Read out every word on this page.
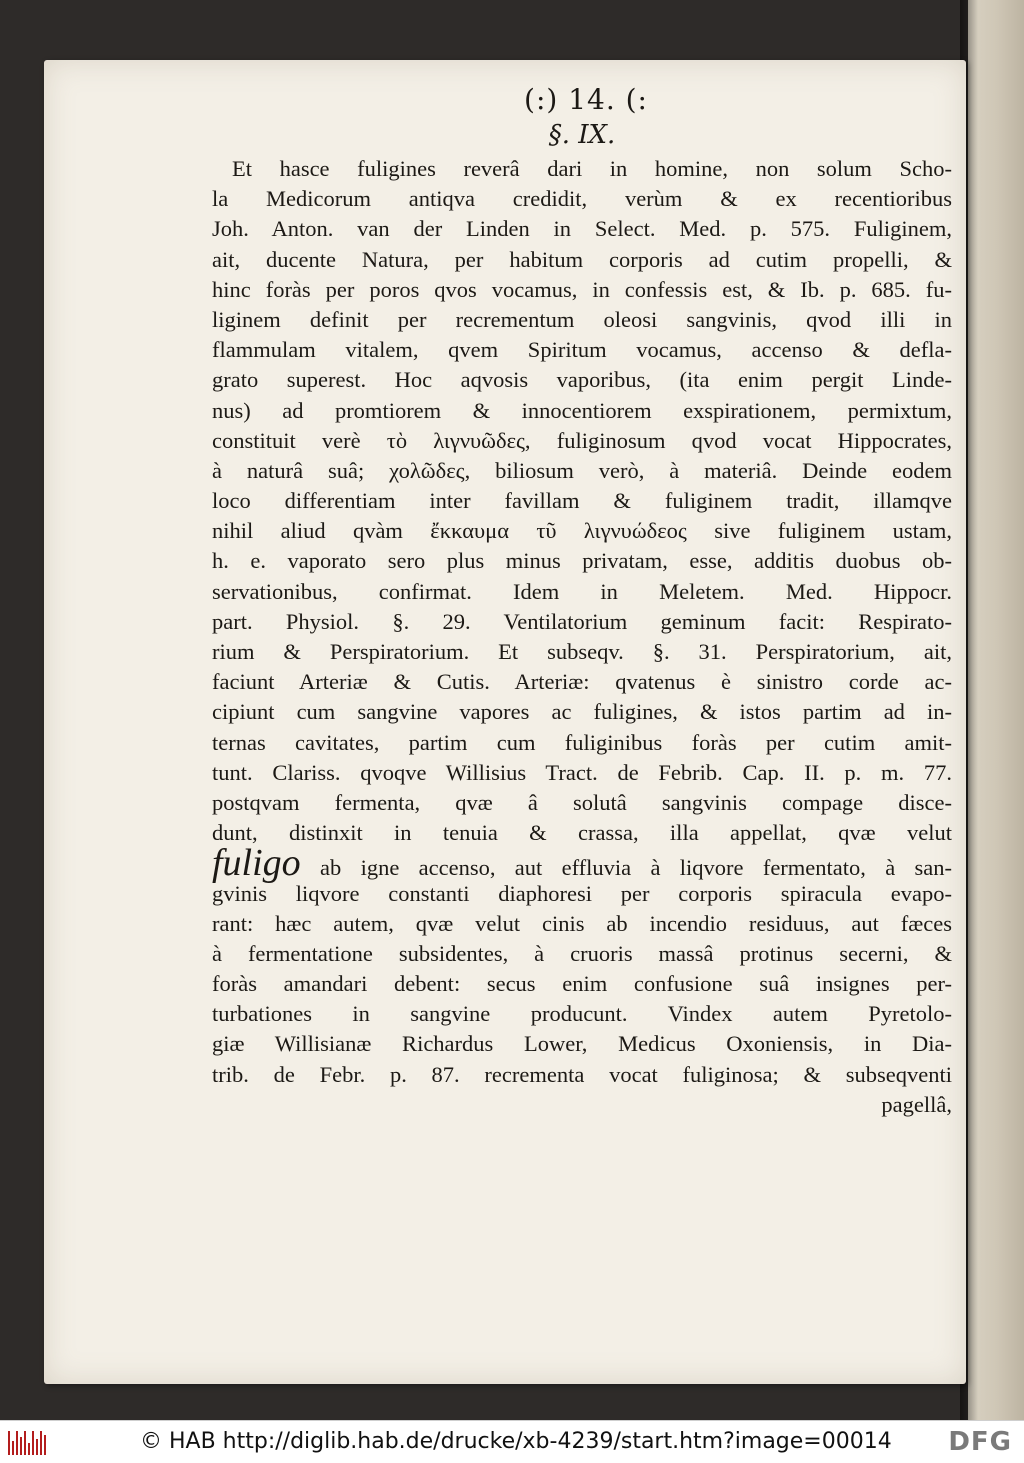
(:) 14. (:
§. IX.
Et hasce fuligines reverâ dari in homine, non solum Scho-
la Medicorum antiqva credidit, verùm & ex recentioribus
Joh. Anton. van der Linden in Select. Med. p. 575. Fuliginem,
ait, ducente Natura, per habitum corporis ad cutim propelli, &
hinc foràs per poros qvos vocamus, in confessis est, & Ib. p. 685. fu-
liginem definit per recrementum oleosi sangvinis, qvod illi in
flammulam vitalem, qvem Spiritum vocamus, accenso & defla-
grato superest. Hoc aqvosis vaporibus, (ita enim pergit Linde-
nus) ad promtiorem & innocentiorem exspirationem, permixtum,
constituit verè τὸ λιγνυῶδες, fuliginosum qvod vocat Hippocrates,
à naturâ suâ; χολῶδες, biliosum verò, à materiâ. Deinde eodem
loco differentiam inter favillam & fuliginem tradit, illamqve
nihil aliud qvàm ἔκκαυμα τῦ λιγνυώδεος sive fuliginem ustam,
h. e. vaporato sero plus minus privatam, esse, additis duobus ob-
servationibus, confirmat. Idem in Meletem. Med. Hippocr.
part. Physiol. §. 29. Ventilatorium geminum facit: Respirato-
rium & Perspiratorium. Et subseqv. §. 31. Perspiratorium, ait,
faciunt Arteriæ & Cutis. Arteriæ: qvatenus è sinistro corde ac-
cipiunt cum sangvine vapores ac fuligines, & istos partim ad in-
ternas cavitates, partim cum fuliginibus foràs per cutim amit-
tunt. Clariss. qvoqve Willisius Tract. de Febrib. Cap. II. p. m. 77.
postqvam fermenta, qvæ â solutâ sangvinis compage disce-
dunt, distinxit in tenuia & crassa, illa appellat, qvæ velut
fuligo ab igne accenso, aut effluvia à liqvore fermentato, à san-
gvinis liqvore constanti diaphoresi per corporis spiracula evapo-
rant: hæc autem, qvæ velut cinis ab incendio residuus, aut fæces
à fermentatione subsidentes, à cruoris massâ protinus secerni, &
foràs amandari debent: secus enim confusione suâ insignes per-
turbationes in sangvine producunt. Vindex autem Pyretolo-
giæ Willisianæ Richardus Lower, Medicus Oxoniensis, in Dia-
trib. de Febr. p. 87. recrementa vocat fuliginosa; & subseqventi
pagellâ,
© HAB http://diglib.hab.de/drucke/xb-4239/start.htm?image=00014 DFG
